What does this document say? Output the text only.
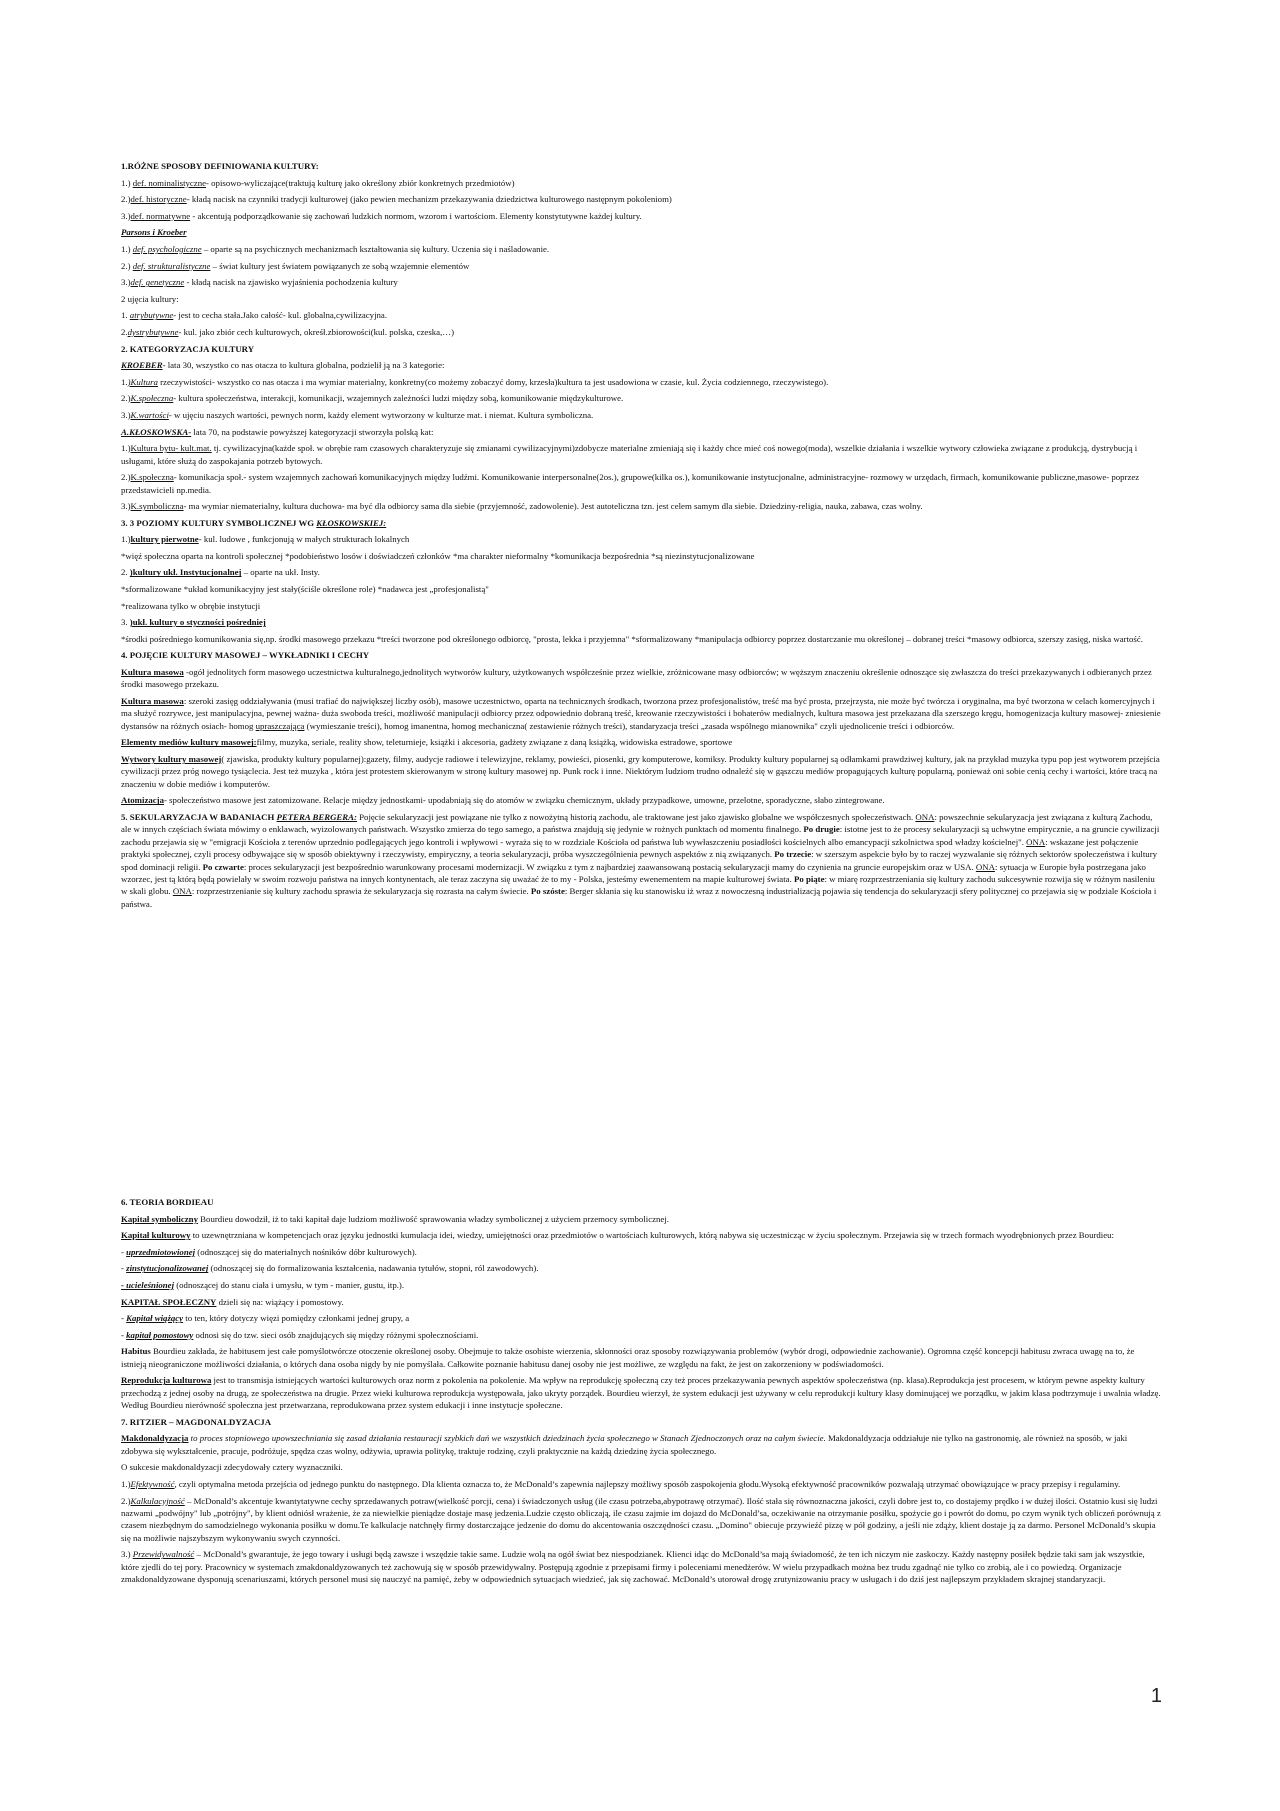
1.RÓŻNE SPOSOBY DEFINIOWANIA KULTURY:

1.) def. nominalistyczne- opisowo-wyliczające(traktują kulturę jako określony zbiór konkretnych przedmiotów)

2.)def. historyczne- kładą nacisk na czynniki tradycji kulturowej (jako pewien mechanizm przekazywania dziedzictwa kulturowego następnym pokoleniom)

3.)def. normatywne - akcentują podporządkowanie się zachowań ludzkich normom, wzorom i wartościom. Elementy konstytutywne każdej kultury.

Parsons i Kroeber

1.) def. psychologiczne – oparte są na psychicznych mechanizmach kształtowania się kultury. Uczenia się i naśladowanie.

2.) def. strukturalistyczne – świat kultury jest światem powiązanych ze sobą wzajemnie elementów

3.)def. genetyczne - kładą nacisk na zjawisko wyjaśnienia pochodzenia kultury

2 ujęcia kultury:

1. atrybutywne- jest to cecha stała.Jako całość- kul. globalna,cywilizacyjna.

2.dystrybutywne- kul. jako zbiór cech kulturowych, okreśł.zbiorowości(kul. polska, czeska,…)

2. KATEGORYZACJA KULTURY

KROEBER- lata 30, wszystko co nas otacza to kultura globalna, podzielił ją na 3 kategorie:

1.)Kultura rzeczywistości- wszystko co nas otacza i ma wymiar materialny, konkretny(co możemy zobaczyć domy, krzesła)kultura ta jest usadowiona w czasie, kul. Życia codziennego, rzeczywistego).

2.)K.społeczna- kultura społeczeństwa, interakcji, komunikacji, wzajemnych zależności ludzi między sobą, komunikowanie międzykulturowe.

3.)K.wartości- w ujęciu naszych wartości, pewnych norm, każdy element wytworzony w kulturze mat. i niemat. Kultura symboliczna.

A.KŁOSKOWSKA- lata 70, na podstawie powyższej kategoryzacji stworzyła polską kat:

1.)Kultura bytu- kult.mat. tj. cywilizacyjna(każde społ. w obrębie ram czasowych charakteryzuje się zmianami cywilizacyjnymi)zdobycze materialne zmieniają się i każdy chce mieć coś nowego(moda), wszelkie działania i wszelkie wytwory człowieka związane z produkcją, dystrybucją i usługami, które służą do zaspokajania potrzeb bytowych.

2.)K.społeczna- komunikacja społ.- system wzajemnych zachowań komunikacyjnych między ludźmi. Komunikowanie interpersonalne(2os.), grupowe(kilka os.), komunikowanie instytucjonalne, administracyjne- rozmowy w urzędach, firmach, komunikowanie publiczne,masowe- poprzez przedstawicieli np.media.

3.)K.symboliczna- ma wymiar niematerialny, kultura duchowa- ma być dla odbiorcy sama dla siebie (przyjemność, zadowolenie). Jest autoteliczna tzn. jest celem samym dla siebie. Dziedziny-religia, nauka, zabawa, czas wolny.

3. 3 POZIOMY KULTURY SYMBOLICZNEJ WG KŁOSKOWSKIEJ:

1.)kultury pierwotne- kul. ludowe , funkcjonują w małych strukturach lokalnych

*więź społeczna oparta na kontroli społecznej *podobieństwo losów i doświadczeń członków *ma charakter nieformalny *komunikacja bezpośrednia *są niezinstytucjonalizowane

2. )kultury ukł. Instytucjonalnej – oparte na ukł. Insty.

*sformalizowane *układ komunikacyjny jest stały(ściśle określone role) *nadawca jest „profesjonalistą"

*realizowana tylko w obrębie instytucji

3. )ukł. kultury o styczności pośredniej

*środki pośredniego komunikowania się,np. środki masowego przekazu *treści tworzone pod określonego odbiorcę, "prosta, lekka i przyjemna" *sformalizowany *manipulacja odbiorcy poprzez dostarczanie mu określonej – dobranej treści *masowy odbiorca, szerszy zasięg, niska wartość.

4. POJĘCIE KULTURY MASOWEJ – WYKŁADNIKI I CECHY

Kultura masowa -ogół jednolitych form masowego uczestnictwa kulturalnego,jednolitych wytworów kultury, użytkowanych współcześnie przez wielkie, zróżnicowane masy odbiorców; w węższym znaczeniu określenie odnoszące się zwłaszcza do treści przekazywanych i odbieranych przez środki masowego przekazu.

Kultura masowa: szeroki zasięg oddziaływania (musi trafiać do największej liczby osób), masowe uczestnictwo, oparta na technicznych środkach, tworzona przez profesjonalistów, treść ma być prosta, przejrzysta, nie może być twórcza i oryginalna, ma być tworzona w celach komercyjnych i ma służyć rozrywce, jest manipulacyjna, pewnej ważna- duża swoboda treści, możliwość manipulacji odbiorcy przez odpowiednio dobraną treść, kreowanie rzeczywistości i bohaterów medialnych, kultura masowa jest przekazana dla szerszego kręgu, homogenizacja kultury masowej- zniesienie dystansów na różnych osiach- homog upraszczająca (wymieszanie treści), homog imanentna, homog mechaniczna( zestawienie różnych treści), standaryzacja treści „zasada wspólnego mianownika" czyli ujednolicenie treści i odbiorców.

Elementy mediów kultury masowej:filmy, muzyka, seriale, reality show, teleturnieje, książki i akcesoria, gadżety związane z daną książką, widowiska estradowe, sportowe

Wytwory kultury masowej( zjawiska, produkty kultury popularnej):gazety, filmy, audycje radiowe i telewizyjne, reklamy, powieści, piosenki, gry komputerowe, komiksy. Produkty kultury popularnej są odłamkami prawdziwej kultury, jak na przykład muzyka typu pop jest wytworem przejścia cywilizacji przez próg nowego tysiąclecia. Jest też muzyka , która jest protestem skierowanym w stronę kultury masowej np. Punk rock i inne. Niektórym ludziom trudno odnaleźć się w gąszczu mediów propagujących kulturę popularną, ponieważ oni sobie cenią cechy i wartości, które tracą na znaczeniu w dobie mediów i komputerów.

Atomizacja- społeczeństwo masowe jest zatomizowane. Relacje między jednostkami- upodabniają się do atomów w związku chemicznym, układy przypadkowe, umowne, przelotne, sporadyczne, słabo zintegrowane.

5. SEKULARYZACJA W BADANIACH PETERA BERGERA: Pojęcie sekularyzacji jest powiązane nie tylko z nowożytną historią zachodu, ale traktowane jest jako zjawisko globalne we współczesnych społeczeństwach. ONA: powszechnie sekularyzacja jest związana z kulturą Zachodu, ale w innych częściach świata mówimy o enklawach, wyizolowanych państwach. Wszystko zmierza do tego samego, a państwa znajdują się jedynie w rożnych punktach od momentu finalnego. Po drugie: istotne jest to że procesy sekularyzacji są uchwytne empirycznie, a na gruncie cywilizacji zachodu przejawia się w "emigracji Kościoła z terenów uprzednio podlegających jego kontroli i wpływowi - wyraża się to w rozdziale Kościoła od państwa lub wywłaszczeniu posiadłości kościelnych albo emancypacji szkolnictwa spod władzy kościelnej". ONA: wskazane jest połączenie praktyki społecznej, czyli procesy odbywające się w sposób obiektywny i rzeczywisty, empiryczny, a teoria sekularyzacji, próba wyszczególnienia pewnych aspektów z nią związanych. Po trzecie: w szerszym aspekcie było by to raczej wyzwalanie się różnych sektorów społeczeństwa i kultury spod dominacji religii. Po czwarte: proces sekularyzacji jest bezpośrednio warunkowany procesami modernizacji. W związku z tym z najbardziej zaawansowaną postacią sekularyzacji mamy do czynienia na gruncie europejskim oraz w USA. ONA: sytuacja w Europie była postrzegana jako wzorzec, jest tą którą będą powielały w swoim rozwoju państwa na innych kontynentach, ale teraz zaczyna się uważać że to my - Polska, jesteśmy ewenementem na mapie kulturowej świata. Po piąte: w miarę rozprzestrzeniania się kultury zachodu sukcesywnie rozwija się w różnym nasileniu w skali globu. ONA: rozprzestrzenianie się kultury zachodu sprawia że sekularyzacja się rozrasta na całym świecie. Po szóste: Berger skłania się ku stanowisku iż wraz z nowoczesną industrializacją pojawia się tendencja do sekularyzacji sfery politycznej co przejawia się w podziale Kościoła i państwa.

6. TEORIA BORDIEAU

Kapitał symboliczny Bourdieu dowodził, iż to taki kapitał daje ludziom możliwość sprawowania władzy symbolicznej z użyciem przemocy symbolicznej.

Kapitał kulturowy to uzewnętrzniana w kompetencjach oraz języku jednostki kumulacja idei, wiedzy, umiejętności oraz przedmiotów o wartościach kulturowych, którą nabywa się uczestnicząc w życiu społecznym. Przejawia się w trzech formach wyodrębnionych przez Bourdieu:

- uprzedmiotowionej (odnoszącej się do materialnych nośników dóbr kulturowych).

- zinstytucjonalizowanej (odnoszącej się do formalizowania kształcenia, nadawania tytułów, stopni, ról zawodowych).

- ucieleśnionej (odnoszącej do stanu ciała i umysłu, w tym - manier, gustu, itp.).

KAPITAŁ SPOŁECZNY dzieli się na: wiążący i pomostowy.

- Kapitał wiążący to ten, który dotyczy więzi pomiędzy członkami jednej grupy, a

- kapitał pomostowy odnosi się do tzw. sieci osób znajdujących się między różnymi społecznościami.

Habitus Bourdieu zakłada, że habitusem jest całe pomyślotwórcze otoczenie określonej osoby. Obejmuje to także osobiste wierzenia, skłonności oraz sposoby rozwiązywania problemów (wybór drogi, odpowiednie zachowanie). Ogromna część koncepcji habitusu zwraca uwagę na to, że istnieją nieograniczone możliwości działania, o których dana osoba nigdy by nie pomyślała. Całkowite poznanie habitusu danej osoby nie jest możliwe, ze względu na fakt, że jest on zakorzeniony w podświadomości.

Reprodukcja kulturowa jest to transmisja istniejących wartości kulturowych oraz norm z pokolenia na pokolenie. Ma wpływ na reprodukcję społeczną czy też proces przekazywania pewnych aspektów społeczeństwa (np. klasa).Reprodukcja jest procesem, w którym pewne aspekty kultury przechodzą z jednej osoby na drugą, ze społeczeństwa na drugie. Przez wieki kulturowa reprodukcja występowała, jako ukryty porządek. Bourdieu wierzył, że system edukacji jest używany w celu reprodukcji kultury klasy dominującej we porządku, w jakim klasa podtrzymuje i uwalnia władzę. Według Bourdieu nierówność społeczna jest przetwarzana, reprodukowana przez system edukacji i inne instytucje społeczne.

7. RITZIER – MAGDONALDYZACJA

Makdonaldyzacja to proces stopniowego upowszechniania się zasad działania restauracji szybkich dań we wszystkich dziedzinach życia społecznego w Stanach Zjednoczonych oraz na całym świecie. Makdonaldyzacja oddziałuje nie tylko na gastronomię, ale również na sposób, w jaki zdobywa się wykształcenie, pracuje, podróżuje, spędza czas wolny, odżywia, uprawia politykę, traktuje rodzinę, czyli praktycznie na każdą dziedzinę życia społecznego.

O sukcesie makdonaldyzacji zdecydowały cztery wyznaczniki.

1.)Efektywność, czyli optymalna metoda przejścia od jednego punktu do następnego. Dla klienta oznacza to, że McDonald’s zapewnia najlepszy możliwy sposób zaspokojenia głodu.Wysoką efektywność pracowników pozwalają utrzymać obowiązujące w pracy przepisy i regulaminy.

2.)Kalkulacyjność – McDonald’s akcentuje kwantytatywne cechy sprzedawanych potraw(wielkość porcji, cena) i świadczonych usług (ile czasu potrzeba,abypotrawę otrzymać). Ilość stała się równoznaczna jakości, czyli dobre jest to, co dostajemy prędko i w dużej ilości. Ostatnio kusi się ludzi nazwami „podwójny" lub „potrójny", by klient odniósł wrażenie, że za niewielkie pieniądze dostaje masę jedzenia.Ludzie często obliczają, ile czasu zajmie im dojazd do McDonald’sa, oczekiwanie na otrzymanie posiłku, spożycie go i powrót do domu, po czym wynik tych obliczeń porównują z czasem niezbędnym do samodzielnego wykonania posiłku w domu.Te kalkulacje natchnęły firmy dostarczające jedzenie do domu do akcentowania oszczędności czasu. „Domino" obiecuje przywieźć pizzę w pół godziny, a jeśli nie zdąży, klient dostaje ją za darmo. Personel McDonald’s skupia się na możliwie najszybszym wykonywaniu swych czynności.

3.) Przewidywalność – McDonald’s gwarantuje, że jego towary i usługi będą zawsze i wszędzie takie same. Ludzie wolą na ogół świat bez niespodzianek. Klienci idąc do McDonald’sa mają świadomość, że ten ich niczym nie zaskoczy. Każdy następny posiłek będzie taki sam jak wszystkie, które zjedli do tej pory. Pracownicy w systemach zmakdonaldyzowanych też zachowują się w sposób przewidywalny. Postępują zgodnie z przepisami firmy i poleceniami menedżerów. W wielu przypadkach można bez trudu zgadnąć nie tylko co zrobią, ale i co powiedzą. Organizacje zmakdonaldyzowane dysponują scenariuszami, których personel musi się nauczyć na pamięć, żeby w odpowiednich sytuacjach wiedzieć, jak się zachować. McDonald’s utorował drogę zrutynizowaniu pracy w usługach i do dziś jest najlepszym przykładem skrajnej standaryzacji.

1
